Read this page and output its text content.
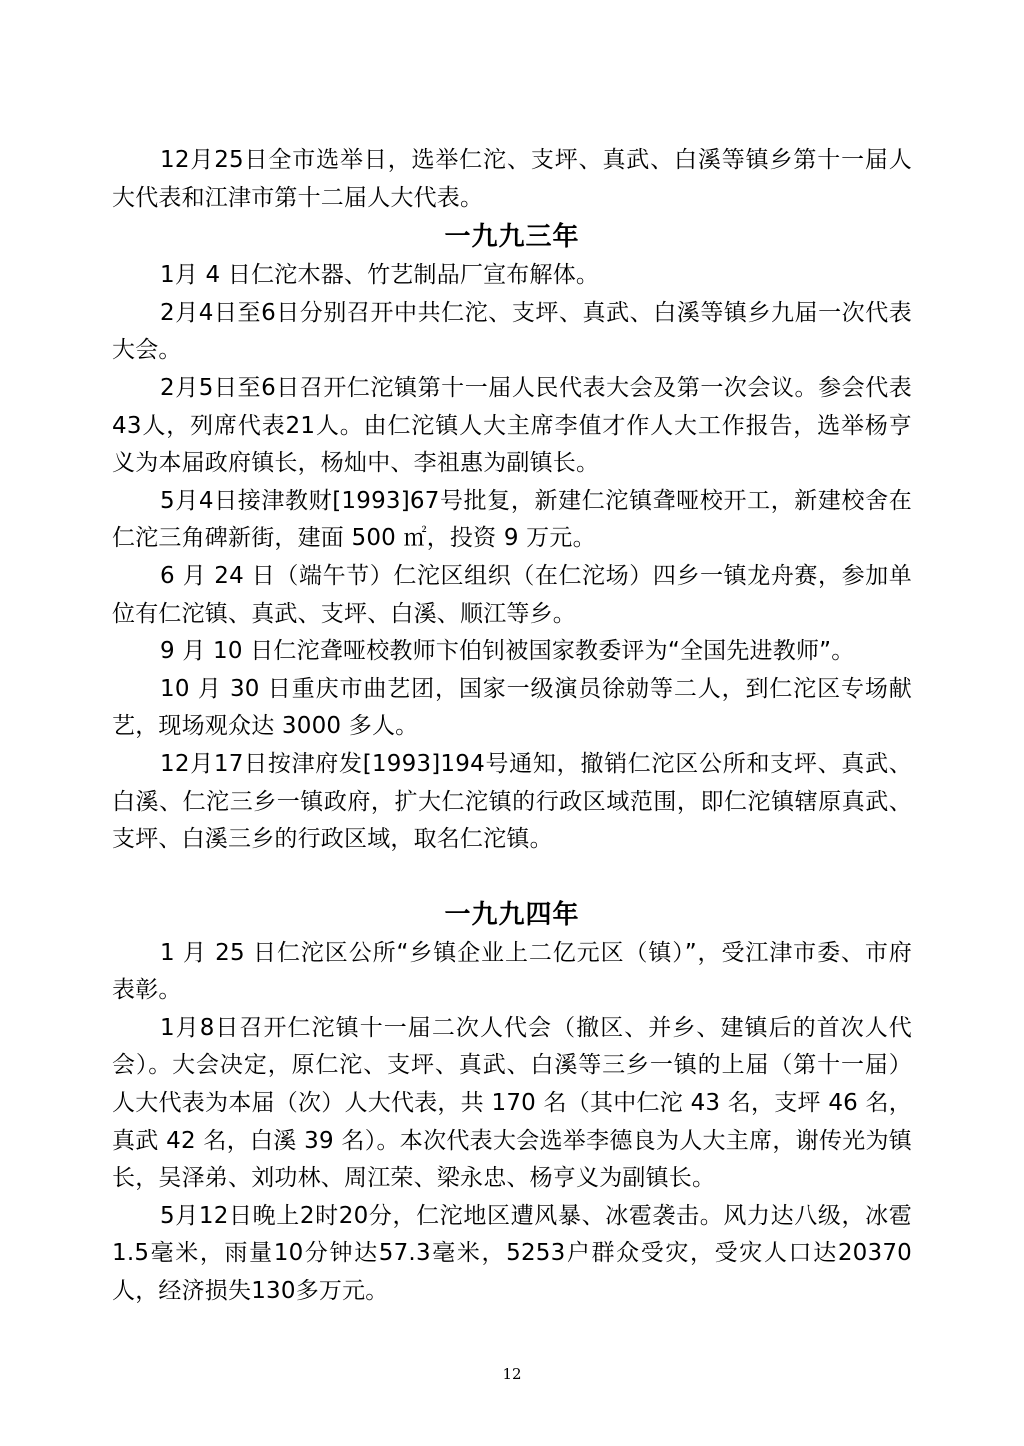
12月25日全市选举日，选举仁沱、支坪、真武、白溪等镇乡第十一届人大代表和江津市第十二届人大代表。

一九九三年

1月 4 日仁沱木器、竹艺制品厂宣布解体。

2月4日至6日分别召开中共仁沱、支坪、真武、白溪等镇乡九届一次代表大会。

2月5日至6日召开仁沱镇第十一届人民代表大会及第一次会议。参会代表43人，列席代表21人。由仁沱镇人大主席李值才作人大工作报告，选举杨亨义为本届政府镇长，杨灿中、李祖惠为副镇长。

5月4日接津教财[1993]67号批复，新建仁沱镇聋哑校开工，新建校舍在仁沱三角碑新街，建面 500 ㎡，投资 9 万元。

6 月 24 日（端午节）仁沱区组织（在仁沱场）四乡一镇龙舟赛，参加单位有仁沱镇、真武、支坪、白溪、顺江等乡。

9 月 10 日仁沱聋哑校教师卞伯钊被国家教委评为“全国先进教师”。

10 月 30 日重庆市曲艺团，国家一级演员徐勍等二人，到仁沱区专场献艺，现场观众达 3000 多人。

12月17日按津府发[1993]194号通知，撤销仁沱区公所和支坪、真武、白溪、仁沱三乡一镇政府，扩大仁沱镇的行政区域范围，即仁沱镇辖原真武、支坪、白溪三乡的行政区域，取名仁沱镇。

一九九四年

1 月 25 日仁沱区公所“乡镇企业上二亿元区（镇）”，受江津市委、市府表彰。

1月8日召开仁沱镇十一届二次人代会（撤区、并乡、建镇后的首次人代会）。大会决定，原仁沱、支坪、真武、白溪等三乡一镇的上届（第十一届）人大代表为本届（次）人大代表，共 170 名（其中仁沱 43 名，支坪 46 名，真武 42 名，白溪 39 名）。本次代表大会选举李德良为人大主席，谢传光为镇长，吴泽弟、刘功林、周江荣、梁永忠、杨亨义为副镇长。

5月12日晚上2时20分，仁沱地区遭风暴、冰雹袭击。风力达八级，冰雹1.5毫米，雨量10分钟达57.3毫米，5253户群众受灾，受灾人口达20370人，经济损失130多万元。

12
